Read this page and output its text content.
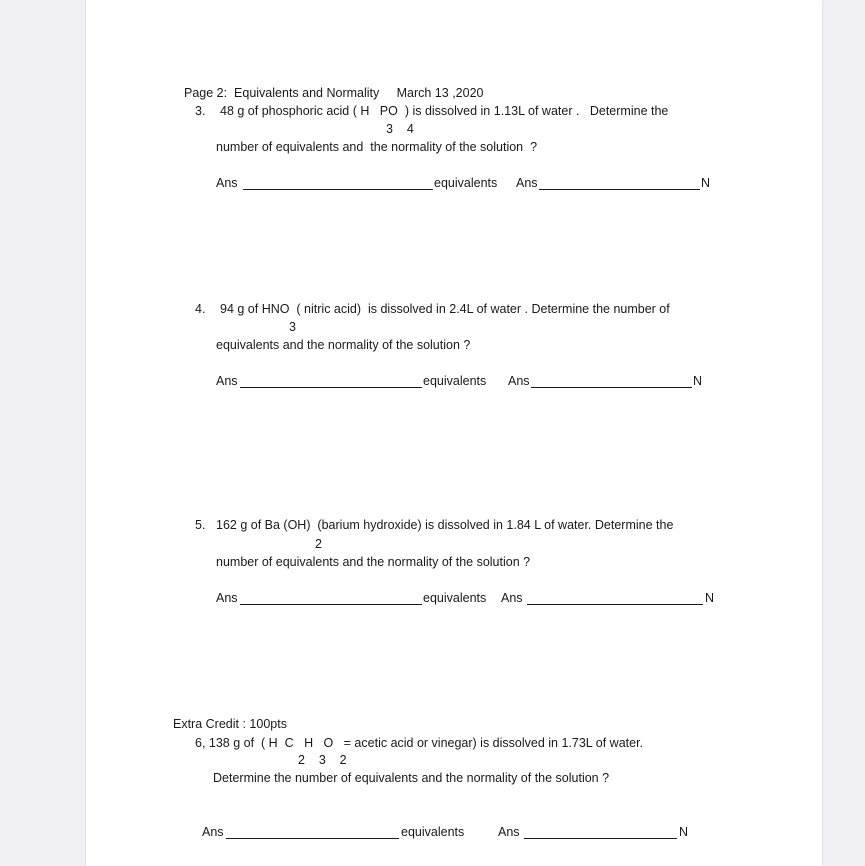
Page 2:  Equivalents and Normality     March 13 ,2020
3. 48 g of phosphoric acid ( H   PO  ) is dissolved in 1.13L of water .   Determine the
3    4
number of equivalents and  the normality of the solution  ?
Ans	equivalents Ans	N
4. 94 g of HNO  ( nitric acid)  is dissolved in 2.4L of water . Determine the number of
3
equivalents and the normality of the solution ?
Ans	equivalents Ans	N
5. 162 g of Ba (OH)  (barium hydroxide) is dissolved in 1.84 L of water. Determine the
2
number of equivalents and the normality of the solution ?
Ans	equivalents Ans	N
Extra Credit : 100pts
6, 138 g of  ( H  C   H   O   = acetic acid or vinegar) is dissolved in 1.73L of water.
2    3    2
Determine the number of equivalents and the normality of the solution ?
Ans	equivalents	Ans	N
